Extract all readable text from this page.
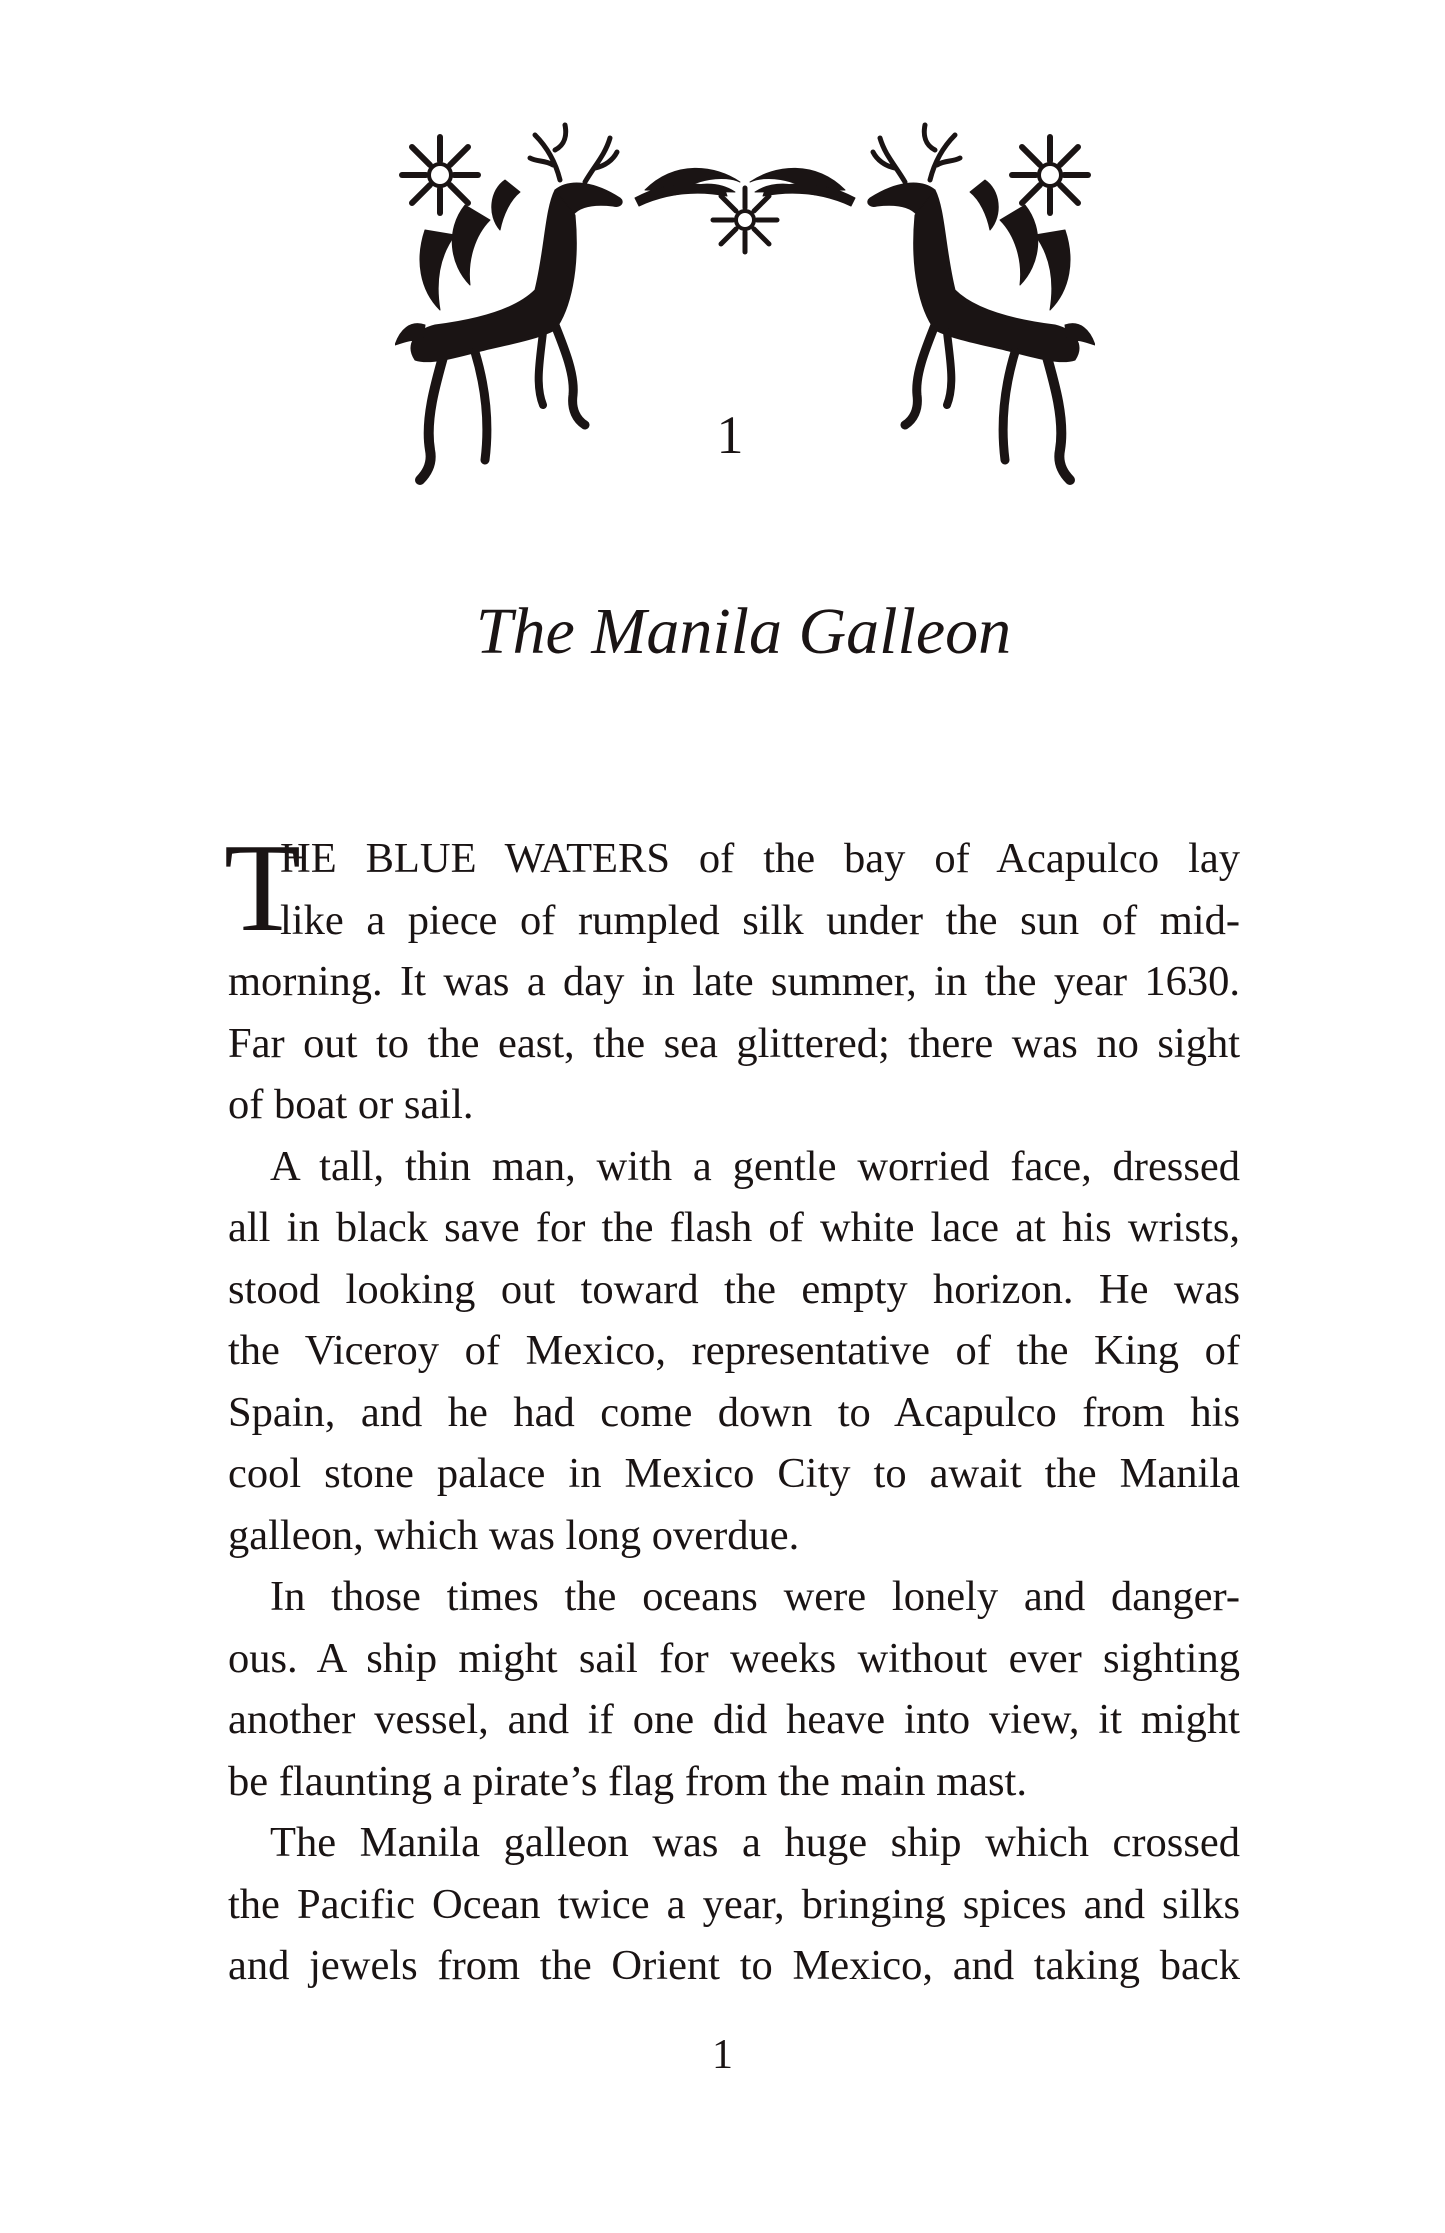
1
The Manila Galleon
T
HE BLUE WATERS of the bay of Acapulco lay
like a piece of rumpled silk under the sun of mid-
morning. It was a day in late summer, in the year 1630.
Far out to the east, the sea glittered; there was no sight
of boat or sail.
A tall, thin man, with a gentle worried face, dressed
all in black save for the flash of white lace at his wrists,
stood looking out toward the empty horizon. He was
the Viceroy of Mexico, representative of the King of
Spain, and he had come down to Acapulco from his
cool stone palace in Mexico City to await the Manila
galleon, which was long overdue.
In those times the oceans were lonely and danger-
ous. A ship might sail for weeks without ever sighting
another vessel, and if one did heave into view, it might
be flaunting a pirate’s flag from the main mast.
The Manila galleon was a huge ship which crossed
the Pacific Ocean twice a year, bringing spices and silks
and jewels from the Orient to Mexico, and taking back
1
